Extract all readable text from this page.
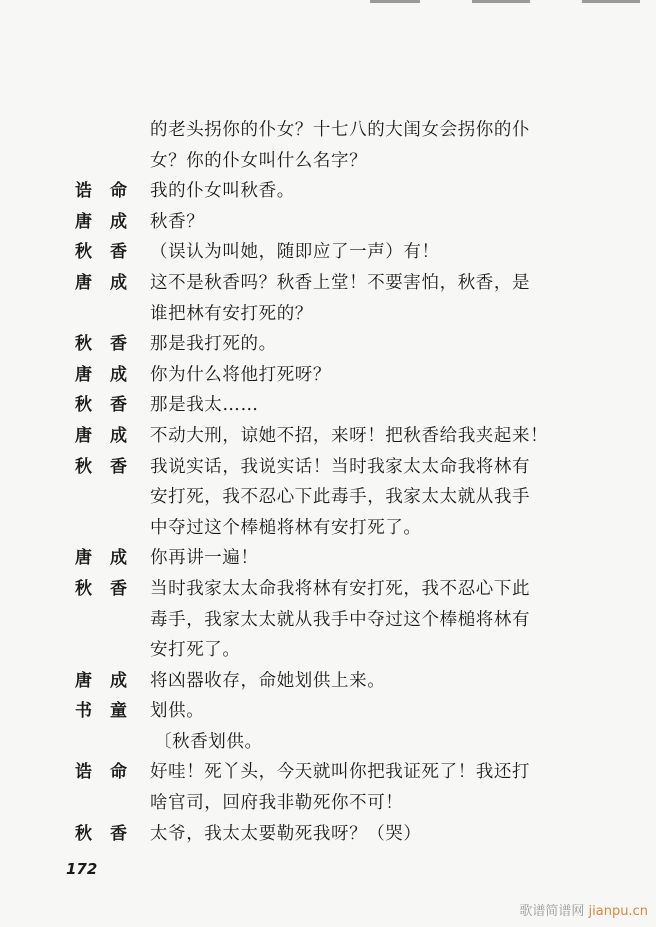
的老头拐你的仆女？十七八的大闺女会拐你的仆
女？你的仆女叫什么名字？
诰	命	我的仆女叫秋香。
唐	成	秋香？
秋	香	（误认为叫她，随即应了一声）有！
唐	成	这不是秋香吗？秋香上堂！不要害怕，秋香，是
谁把林有安打死的？
秋	香	那是我打死的。
唐	成	你为什么将他打死呀？
秋	香	那是我太……
唐	成	不动大刑，谅她不招，来呀！把秋香给我夹起来！
秋	香	我说实话，我说实话！当时我家太太命我将林有
安打死，我不忍心下此毒手，我家太太就从我手
中夺过这个棒槌将林有安打死了。
唐	成	你再讲一遍！
秋	香	当时我家太太命我将林有安打死，我不忍心下此
毒手，我家太太就从我手中夺过这个棒槌将林有
安打死了。
唐	成	将凶器收存，命她划供上来。
书	童	划供。
〔秋香划供。
诰	命	好哇！死丫头，今天就叫你把我证死了！我还打
啥官司，回府我非勒死你不可！
秋	香	太爷，我太太要勒死我呀？（哭）
172
歌谱简谱网 jianpu.cn
